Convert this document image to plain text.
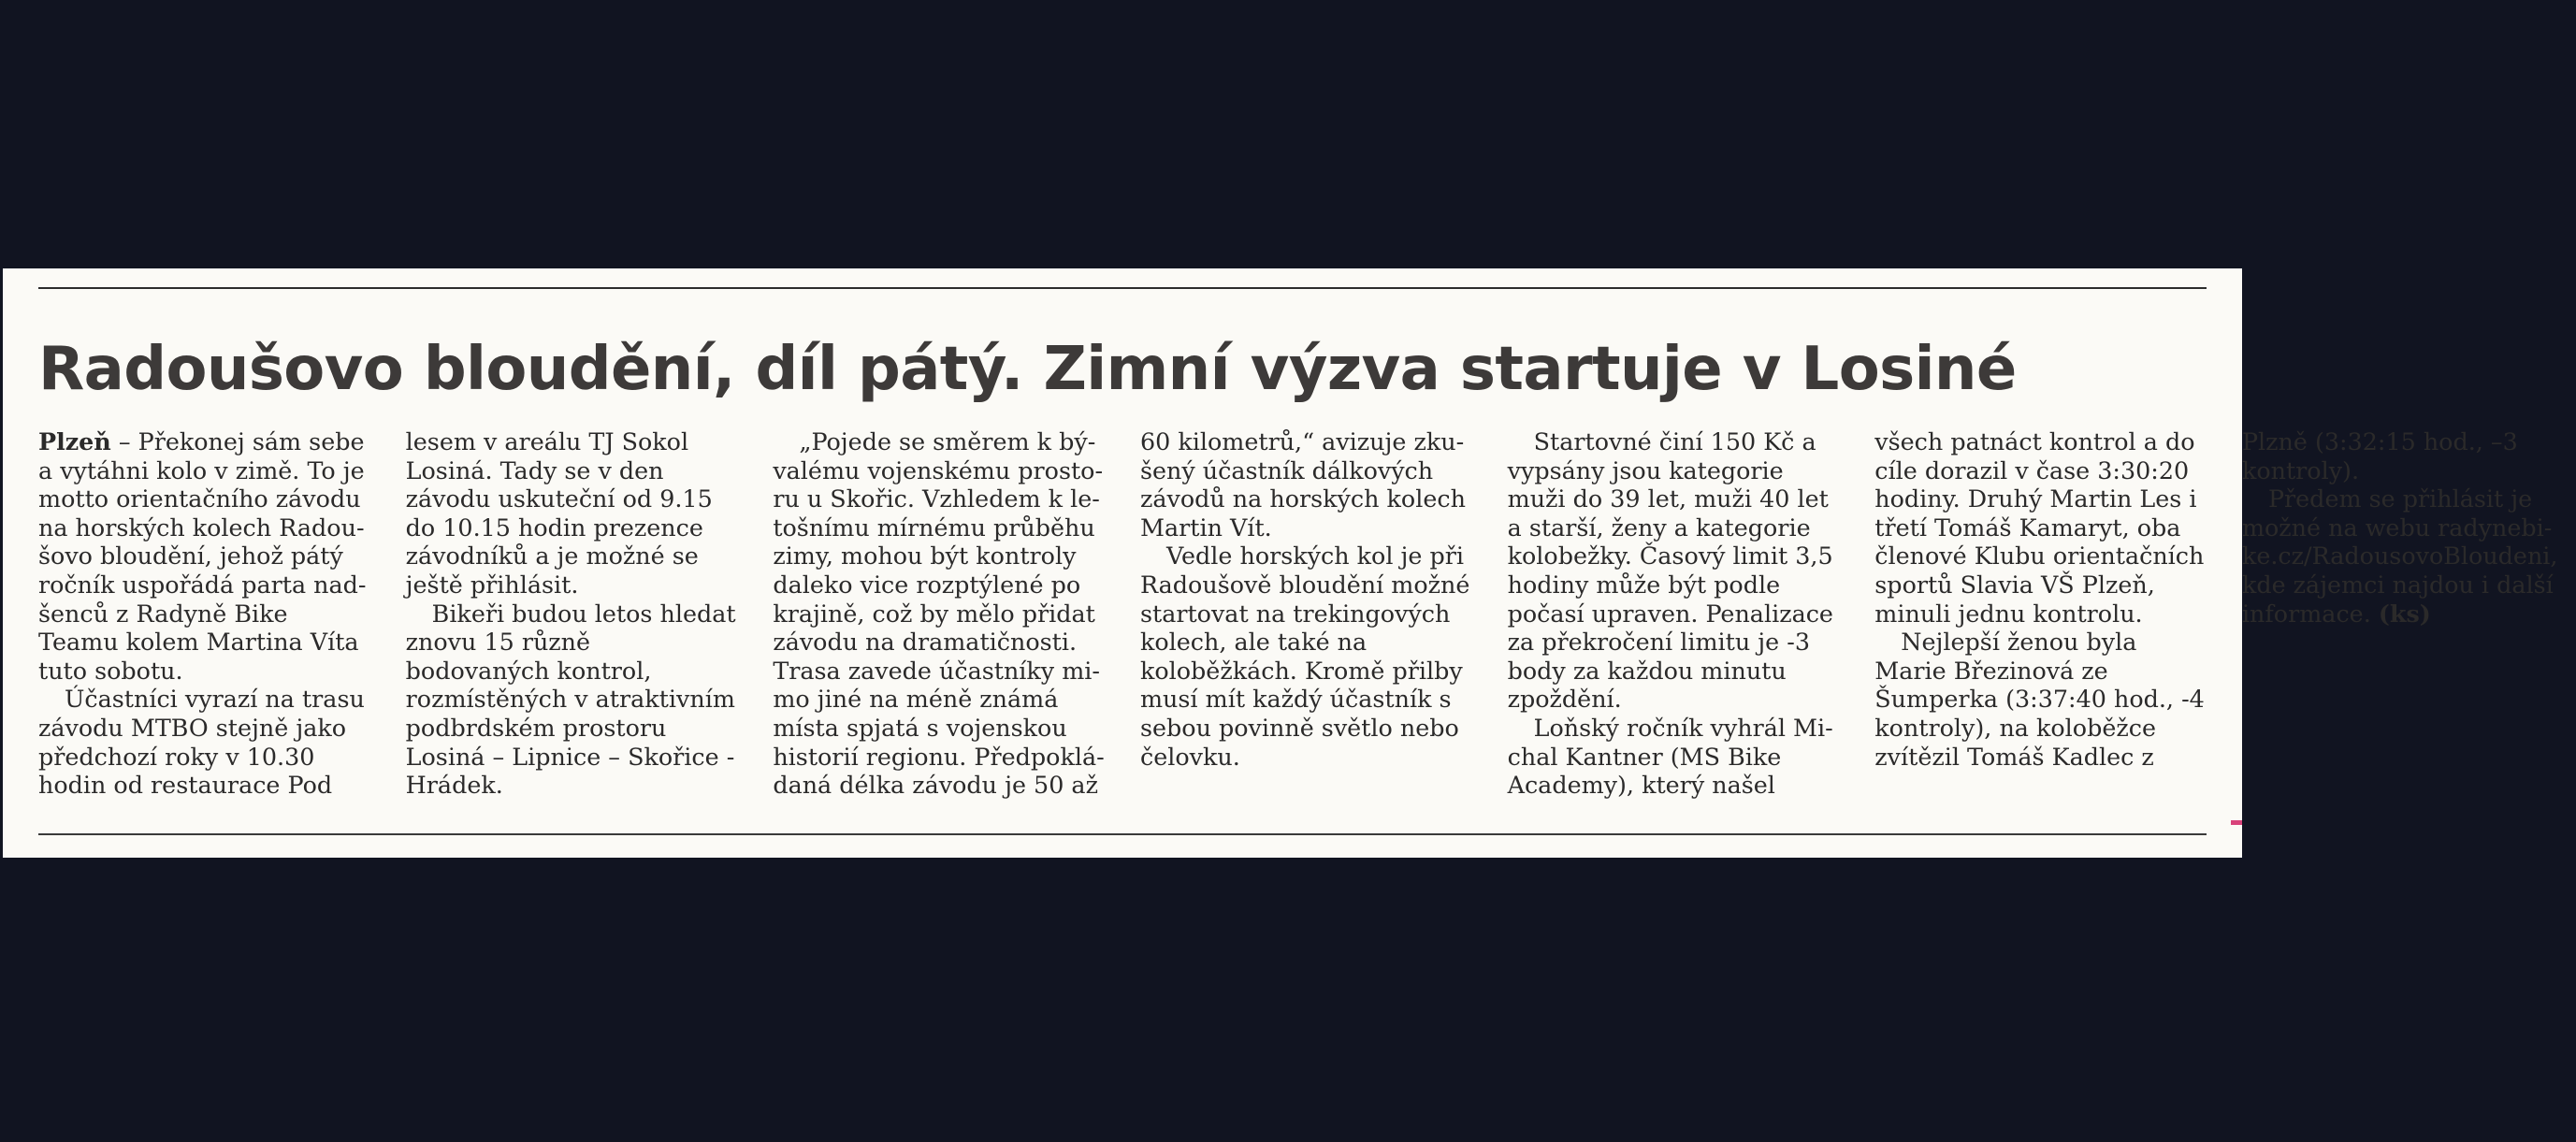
Radoušovo bloudění, díl pátý. Zimní výzva startuje v Losiné

Plzeň – Překonej sám sebe a vytáhni kolo v zimě. To je motto orientačního závodu na horských kolech Radoušovo bloudění, jehož pátý ročník uspořádá parta nadšenců z Radyně Bike Teamu kolem Martina Víta tuto sobotu.

Účastníci vyrazí na trasu závodu MTBO stejně jako předchozí roky v 10.30 hodin od restaurace Pod lesem v areálu TJ Sokol Losiná. Tady se v den závodu uskuteční od 9.15 do 10.15 hodin prezence závodníků a je možné se ještě přihlásit.

Bikeři budou letos hledat znovu 15 různě bodovaných kontrol, rozmístěných v atraktivním podbrdském prostoru Losiná – Lipnice – Skořice -Hrádek.

„Pojede se směrem k bývalému vojenskému prostoru u Skořic. Vzhledem k letošnímu mírnému průběhu zimy, mohou být kontroly daleko vice rozptýlené po krajině, což by mělo přidat závodu na dramatičnosti. Trasa zavede účastníky mimo jiné na méně známá místa spjatá s vojenskou historií regionu. Předpokládaná délka závodu je 50 až 60 kilometrů,“ avizuje zkušený účastník dálkových závodů na horských kolech Martin Vít.

Vedle horských kol je při Radoušově bloudění možné startovat na trekingových kolech, ale také na koloběžkách. Kromě přilby musí mít každý účastník s sebou povinně světlo nebo čelovku.

Startovné činí 150 Kč a vypsány jsou kategorie muži do 39 let, muži 40 let a starší, ženy a kategorie kolobežky. Časový limit 3,5 hodiny může být podle počasí upraven. Penalizace za překročení limitu je -3 body za každou minutu zpoždění.

Loňský ročník vyhrál Michal Kantner (MS Bike Academy), který našel všech patnáct kontrol a do cíle dorazil v čase 3:30:20 hodiny. Druhý Martin Les i třetí Tomáš Kamaryt, oba členové Klubu orientačních sportů Slavia VŠ Plzeň, minuli jednu kontrolu.

Nejlepší ženou byla Marie Březinová ze Šumperka (3:37:40 hod., -4 kontroly), na koloběžce zvítězil Tomáš Kadlec z Plzně (3:32:15 hod., –3 kontroly).

Předem se přihlásit je možné na webu radynebike.cz/RadousovoBloudeni, kde zájemci najdou i další informace. (ks)
